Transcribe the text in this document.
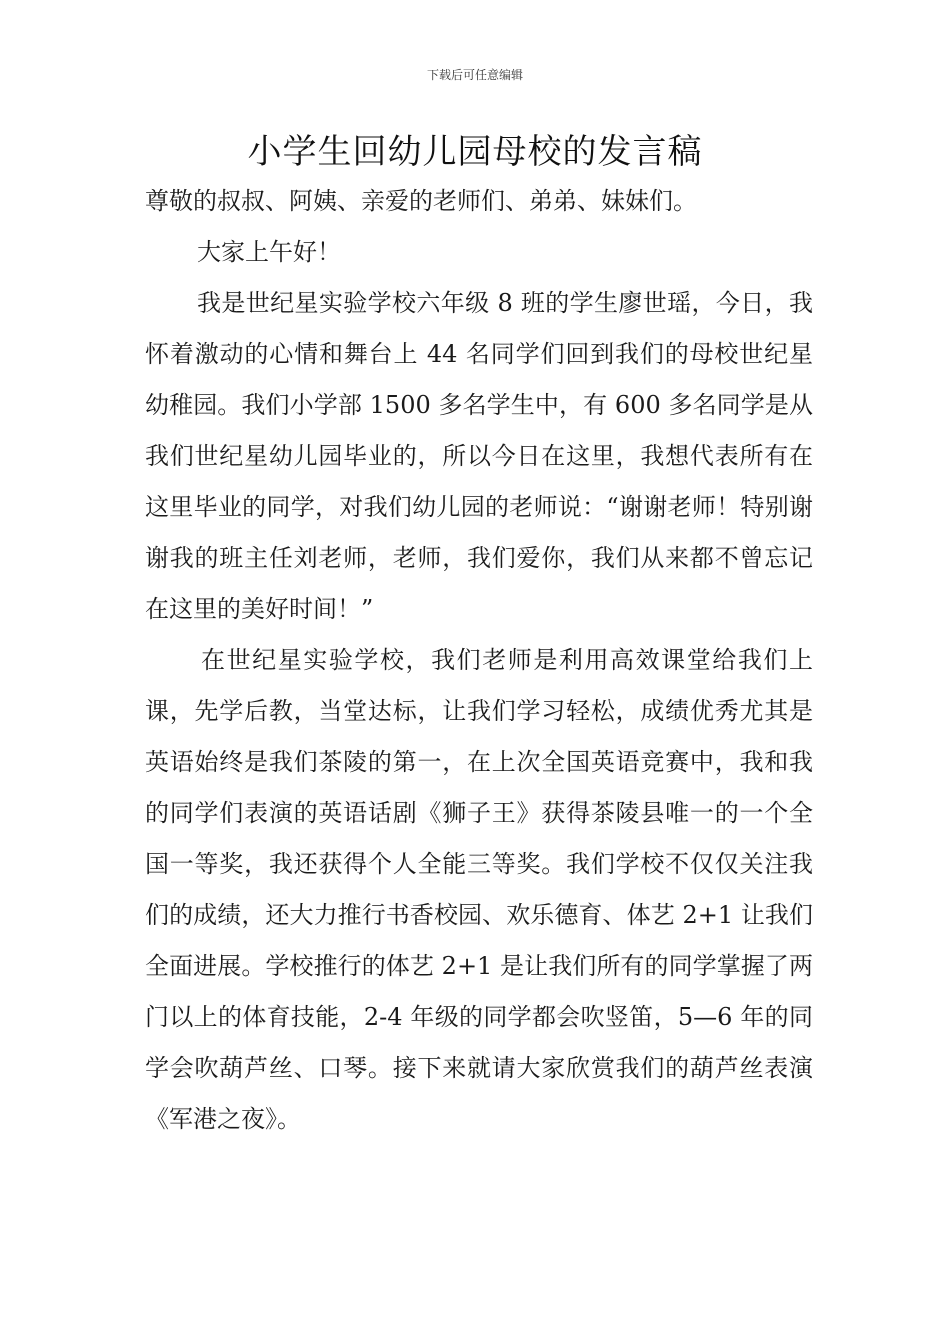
下载后可任意编辑
小学生回幼儿园母校的发言稿

尊敬的叔叔、阿姨、亲爱的老师们、弟弟、妹妹们。

大家上午好！

我是世纪星实验学校六年级 8 班的学生廖世瑶，今日，我怀着激动的心情和舞台上 44 名同学们回到我们的母校世纪星幼稚园。我们小学部 1500 多名学生中，有 600 多名同学是从我们世纪星幼儿园毕业的，所以今日在这里，我想代表所有在这里毕业的同学，对我们幼儿园的老师说：“谢谢老师！特别谢谢我的班主任刘老师，老师，我们爱你，我们从来都不曾忘记在这里的美好时间！”

在世纪星实验学校，我们老师是利用高效课堂给我们上课，先学后教，当堂达标，让我们学习轻松，成绩优秀尤其是英语始终是我们茶陵的第一，在上次全国英语竞赛中，我和我的同学们表演的英语话剧《狮子王》获得茶陵县唯一的一个全国一等奖，我还获得个人全能三等奖。我们学校不仅仅关注我们的成绩，还大力推行书香校园、欢乐德育、体艺 2+1 让我们全面进展。学校推行的体艺 2+1 是让我们所有的同学掌握了两门以上的体育技能，2-4 年级的同学都会吹竖笛，5—6 年的同学会吹葫芦丝、口琴。接下来就请大家欣赏我们的葫芦丝表演《军港之夜》。
